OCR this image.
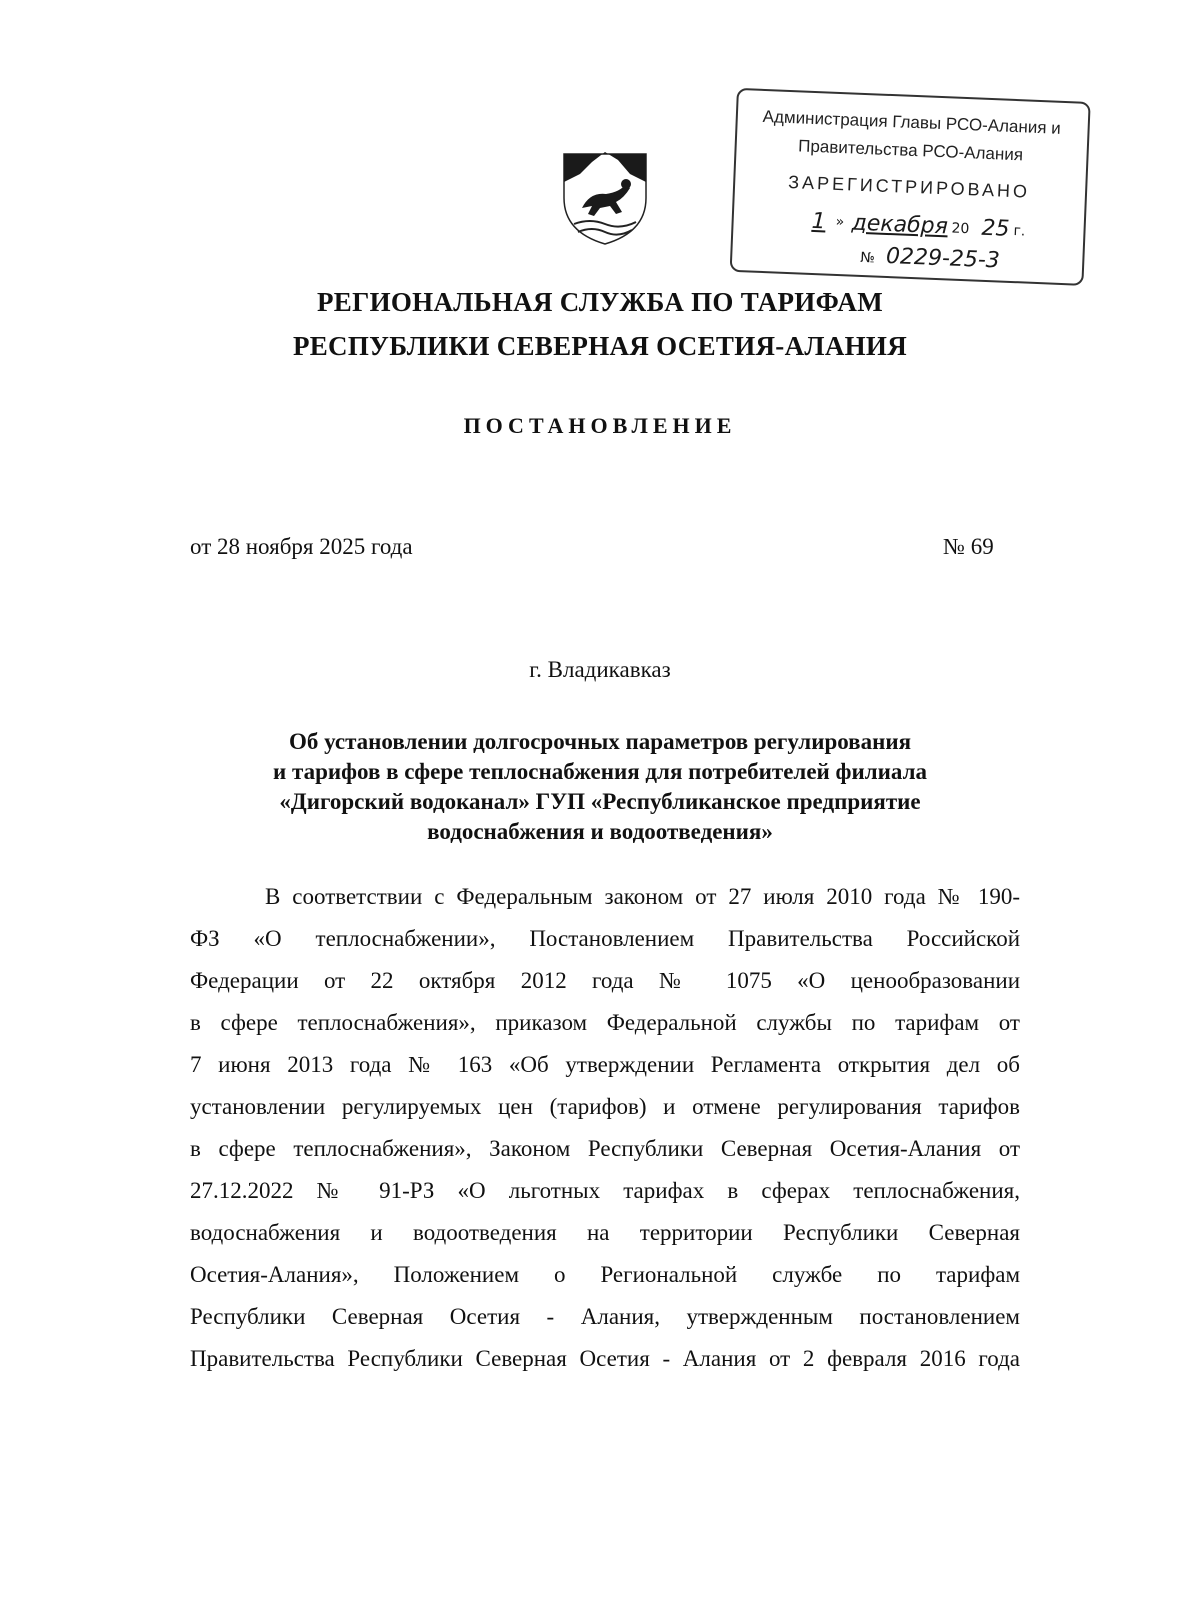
Администрация Главы РСО-Алания и
Правительства РСО-Алания
ЗАРЕГИСТРИРОВАНО
1 » декабря 20 25 г.
№ 0229-25-3
РЕГИОНАЛЬНАЯ СЛУЖБА ПО ТАРИФАМ
РЕСПУБЛИКИ СЕВЕРНАЯ ОСЕТИЯ-АЛАНИЯ
ПОСТАНОВЛЕНИЕ
от 28 ноября 2025 года	№ 69
г. Владикавказ
Об установлении долгосрочных параметров регулирования
и тарифов в сфере теплоснабжения для потребителей филиала
«Дигорский водоканал» ГУП «Республиканское предприятие
водоснабжения и водоотведения»
В соответствии с Федеральным законом от 27 июля 2010 года № 190-
ФЗ «О теплоснабжении», Постановлением Правительства Российской
Федерации от 22 октября 2012 года № 1075 «О ценообразовании
в сфере теплоснабжения», приказом Федеральной службы по тарифам от
7 июня 2013 года № 163 «Об утверждении Регламента открытия дел об
установлении регулируемых цен (тарифов) и отмене регулирования тарифов
в сфере теплоснабжения», Законом Республики Северная Осетия-Алания от
27.12.2022 № 91-РЗ «О льготных тарифах в сферах теплоснабжения,
водоснабжения и водоотведения на территории Республики Северная
Осетия-Алания», Положением о Региональной службе по тарифам
Республики Северная Осетия - Алания, утвержденным постановлением
Правительства Республики Северная Осетия - Алания от 2 февраля 2016 года
